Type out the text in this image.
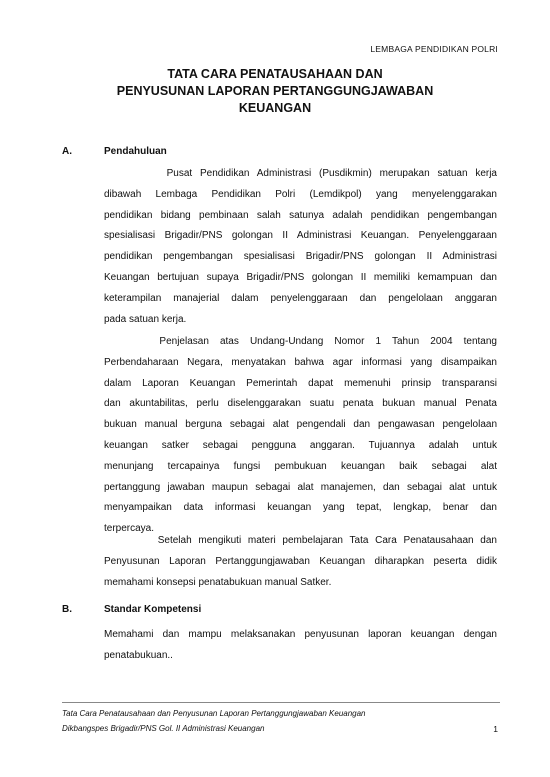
LEMBAGA PENDIDIKAN POLRI
TATA CARA PENATAUSAHAAN DAN
PENYUSUNAN LAPORAN PERTANGGUNGJAWABAN
KEUANGAN
A.	Pendahuluan
Pusat Pendidikan Administrasi (Pusdikmin) merupakan satuan kerja
dibawah Lembaga Pendidikan Polri (Lemdikpol) yang menyelenggarakan
pendidikan bidang pembinaan salah satunya adalah pendidikan pengembangan
spesialisasi Brigadir/PNS golongan II Administrasi Keuangan. Penyelenggaraan
pendidikan pengembangan spesialisasi Brigadir/PNS golongan II Administrasi
Keuangan bertujuan supaya Brigadir/PNS golongan II memiliki kemampuan dan
keterampilan manajerial dalam penyelenggaraan dan pengelolaan anggaran
pada satuan kerja.
Penjelasan atas Undang-Undang Nomor 1 Tahun 2004 tentang
Perbendaharaan Negara, menyatakan bahwa agar informasi yang disampaikan
dalam Laporan Keuangan Pemerintah dapat memenuhi prinsip transparansi
dan akuntabilitas, perlu diselenggarakan suatu penata bukuan manual Penata
bukuan manual berguna sebagai alat pengendali dan pengawasan pengelolaan
keuangan satker sebagai pengguna anggaran. Tujuannya adalah untuk
menunjang tercapainya fungsi pembukuan keuangan baik sebagai alat
pertanggung jawaban maupun sebagai alat manajemen, dan sebagai alat untuk
menyampaikan data informasi keuangan yang tepat, lengkap, benar dan
terpercaya.
Setelah mengikuti materi pembelajaran Tata Cara Penatausahaan dan
Penyusunan Laporan Pertanggungjawaban Keuangan diharapkan peserta didik
memahami konsepsi penatabukuan manual Satker.
B.	Standar Kompetensi
Memahami dan mampu melaksanakan penyusunan laporan keuangan dengan
penatabukuan..
Tata Cara Penatausahaan dan Penyusunan Laporan Pertanggungjawaban Keuangan
Dikbangspes Brigadir/PNS Gol. II Administrasi Keuangan	1
